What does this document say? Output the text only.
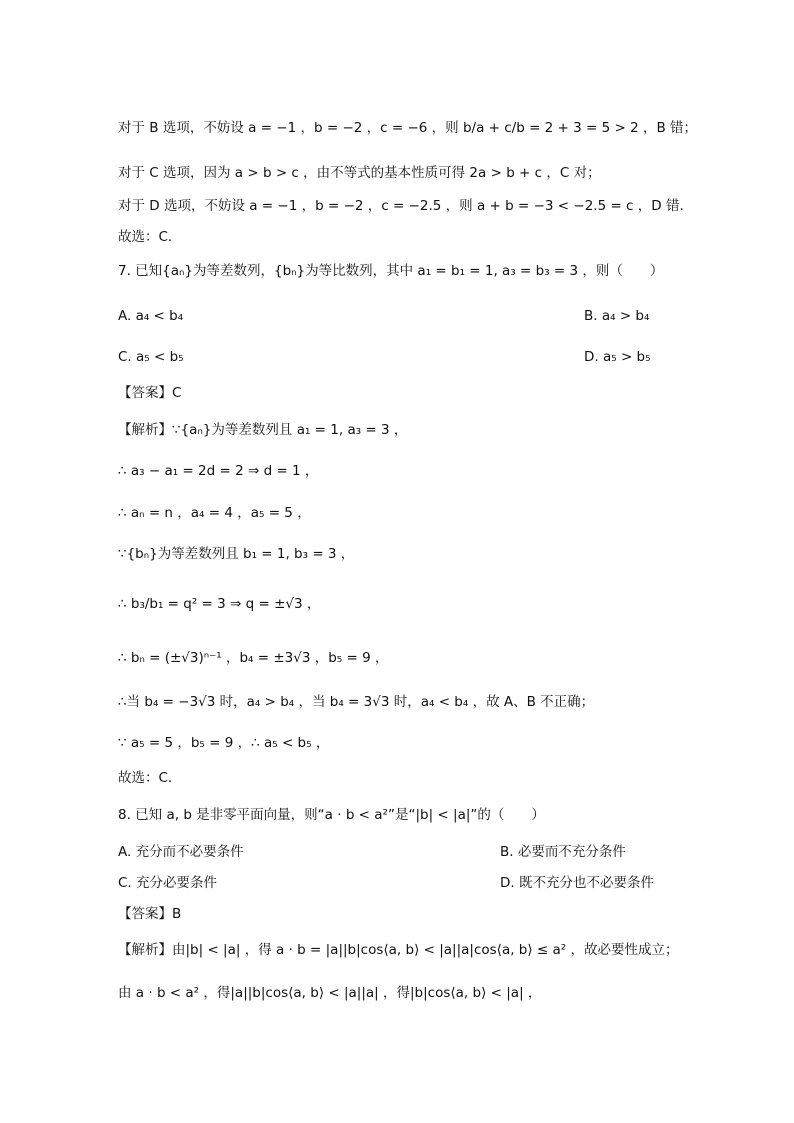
对于 B 选项，不妨设 a = −1 ，b = −2 ，c = −6 ，则 b/a + c/b = 2 + 3 = 5 > 2 ，B 错；
对于 C 选项，因为 a > b > c ，由不等式的基本性质可得 2a > b + c ，C 对；
对于 D 选项，不妨设 a = −1 ，b = −2 ，c = −2.5 ，则 a + b = −3 < −2.5 = c ，D 错.
故选：C.
7. 已知{aₙ}为等差数列，{bₙ}为等比数列，其中 a₁ = b₁ = 1, a₃ = b₃ = 3 ，则（　　）
A. a₄ < b₄	B. a₄ > b₄
C. a₅ < b₅	D. a₅ > b₅
【答案】C
【解析】∵{aₙ}为等差数列且 a₁ = 1, a₃ = 3 ，
∴ a₃ − a₁ = 2d = 2 ⇒ d = 1 ，
∴ aₙ = n ，a₄ = 4 ，a₅ = 5 ，
∵{bₙ}为等差数列且 b₁ = 1, b₃ = 3 ，
∴ b₃/b₁ = q² = 3 ⇒ q = ±√3 ，
∴ bₙ = (±√3)ⁿ⁻¹ ，b₄ = ±3√3 ，b₅ = 9 ，
∴当 b₄ = −3√3 时，a₄ > b₄ ，当 b₄ = 3√3 时，a₄ < b₄ ，故 A、B 不正确；
∵ a₅ = 5 ，b₅ = 9 ，∴ a₅ < b₅ ，
故选：C.
8. 已知 a, b 是非零平面向量，则“a · b < a²”是“|b| < |a|”的（　　）
A. 充分而不必要条件	B. 必要而不充分条件
C. 充分必要条件	D. 既不充分也不必要条件
【答案】B
【解析】由|b| < |a| ，得 a · b = |a||b|cos⟨a, b⟩ < |a||a|cos⟨a, b⟩ ≤ a² ，故必要性成立；
由 a · b < a² ，得|a||b|cos⟨a, b⟩ < |a||a| ，得|b|cos⟨a, b⟩ < |a| ，
